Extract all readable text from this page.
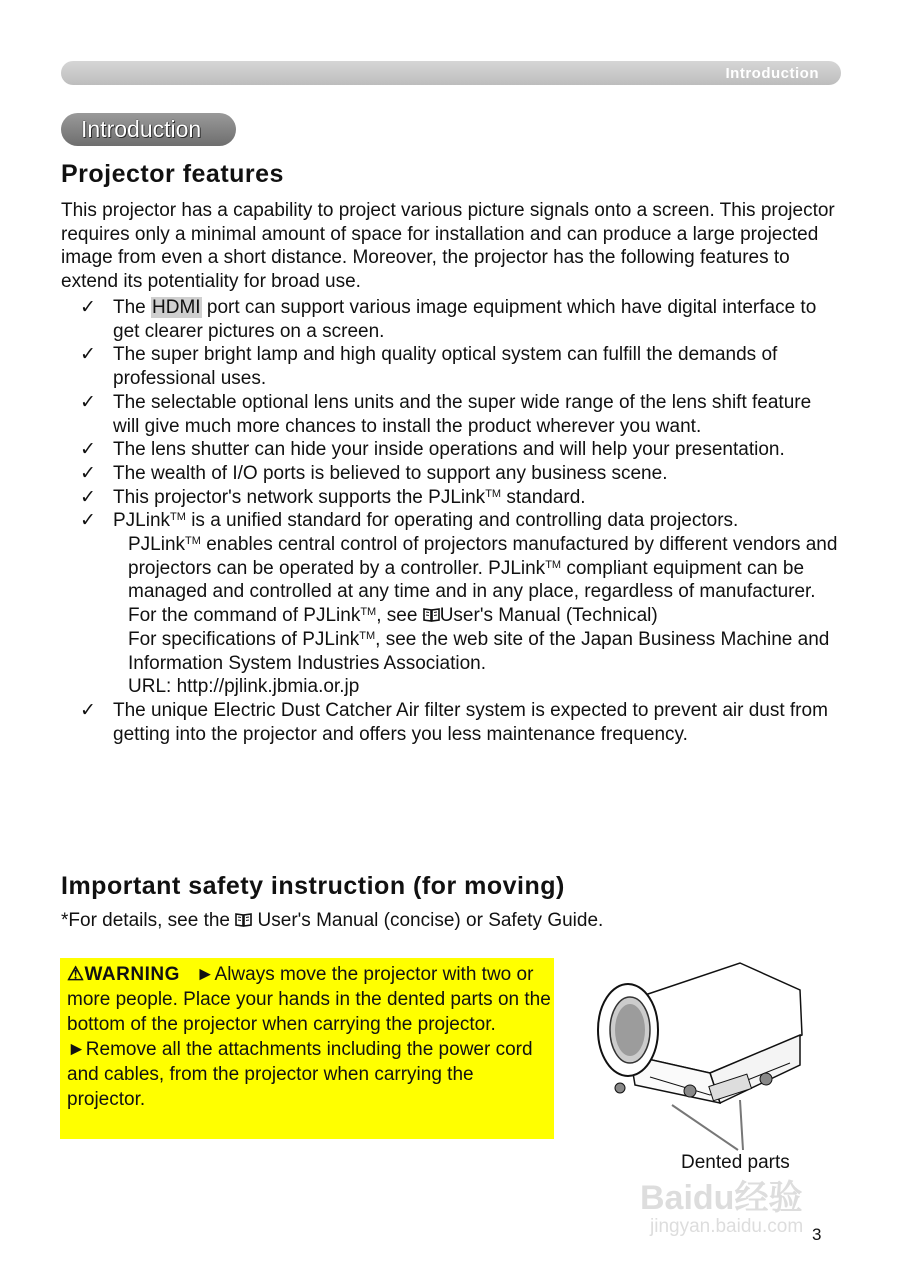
Introduction
Introduction
Projector features
This projector has a capability to project various picture signals onto a screen. This projector requires only a minimal amount of space for installation and can produce a large projected image from even a short distance. Moreover, the projector has the following features to extend its potentiality for broad use.
✓ The HDMI port can support various image equipment which have digital interface to get clearer pictures on a screen.
✓ The super bright lamp and high quality optical system can fulfill the demands of professional uses.
✓ The selectable optional lens units and the super wide range of the lens shift feature will give much more chances to install the product wherever you want.
✓ The lens shutter can hide your inside operations and will help your presentation.
✓ The wealth of I/O ports is believed to support any business scene.
✓ This projector's network supports the PJLink™ standard.
✓ PJLink™ is a unified standard for operating and controlling data projectors.
PJLink™ enables central control of projectors manufactured by different vendors and projectors can be operated by a controller. PJLink™ compliant equipment can be managed and controlled at any time and in any place, regardless of manufacturer.
For the command of PJLink™, see User's Manual (Technical)
For specifications of PJLink™, see the web site of the Japan Business Machine and Information System Industries Association.
URL: http://pjlink.jbmia.or.jp
✓ The unique Electric Dust Catcher Air filter system is expected to prevent air dust from getting into the projector and offers you less maintenance frequency.
Important safety instruction (for moving)
*For details, see the  User's Manual (concise) or Safety Guide.
⚠WARNING ►Always move the projector with two or more people. Place your hands in the dented parts on the bottom of the projector when carrying the projector.
►Remove all the attachments including the power cord and cables, from the projector when carrying the projector.
Dented parts
Baidu经验
jingyan.baidu.com 3
